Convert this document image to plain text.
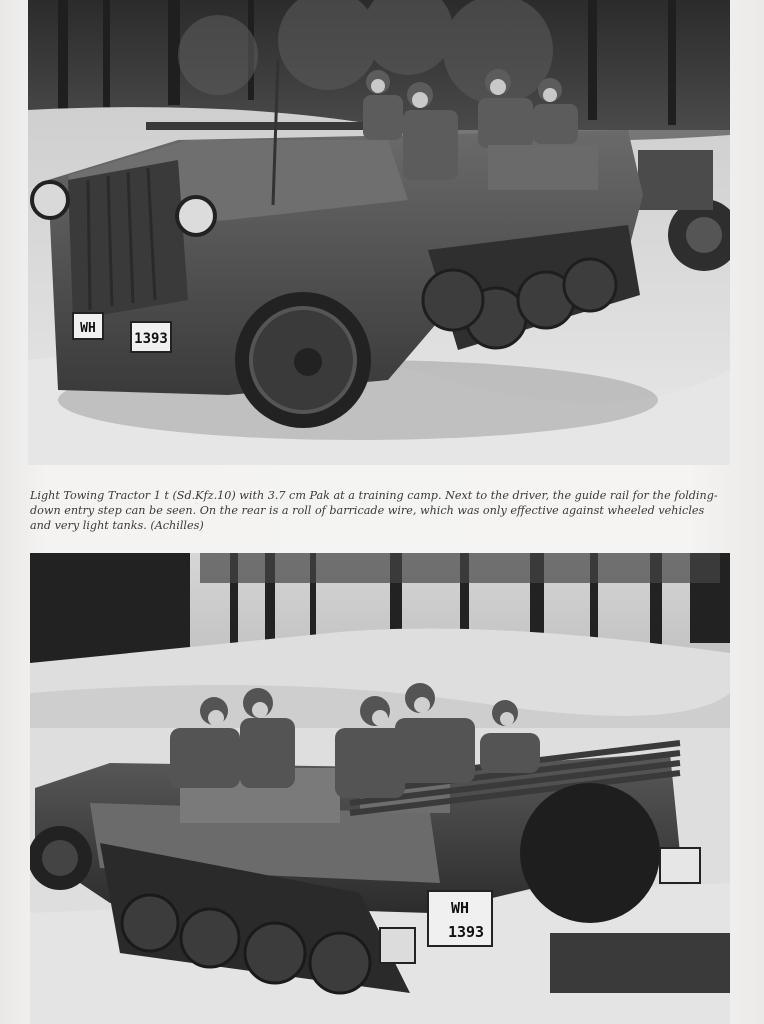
WH
1393

Light Towing Tractor 1 t (Sd.Kfz.10) with 3.7 cm Pak at a training camp. Next to the driver, the guide rail for the folding-down entry step can be seen. On the rear is a roll of barricade wire, which was only effective against wheeled vehicles and very light tanks. (Achilles)

WH
1393
